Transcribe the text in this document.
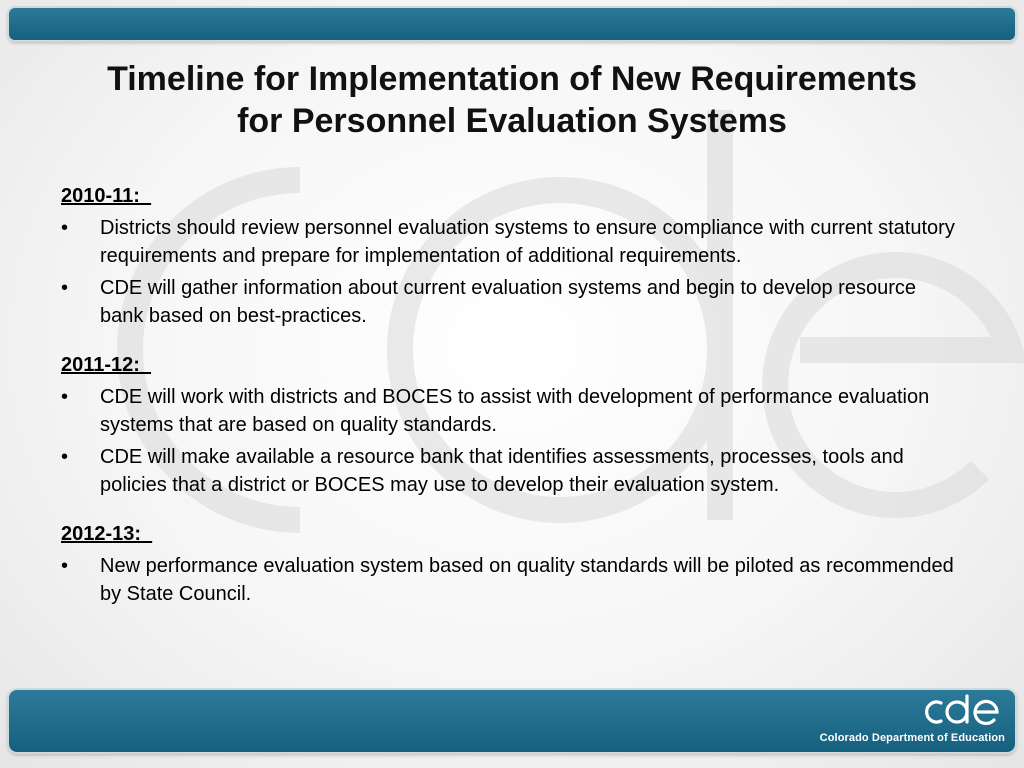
Timeline for Implementation of New Requirements
for Personnel Evaluation Systems
2010-11:
• Districts should review personnel evaluation systems to ensure compliance with current statutory requirements and prepare for implementation of additional requirements.
• CDE will gather information about current evaluation systems and begin to develop resource bank based on best-practices.
2011-12:
• CDE will work with districts and BOCES to assist with development of performance evaluation systems that are based on quality standards.
• CDE will make available a resource bank that identifies assessments, processes, tools and policies that a district or BOCES may use to develop their evaluation system.
2012-13:
• New performance evaluation system based on quality standards will be piloted as recommended by State Council.
cde
Colorado Department of Education
